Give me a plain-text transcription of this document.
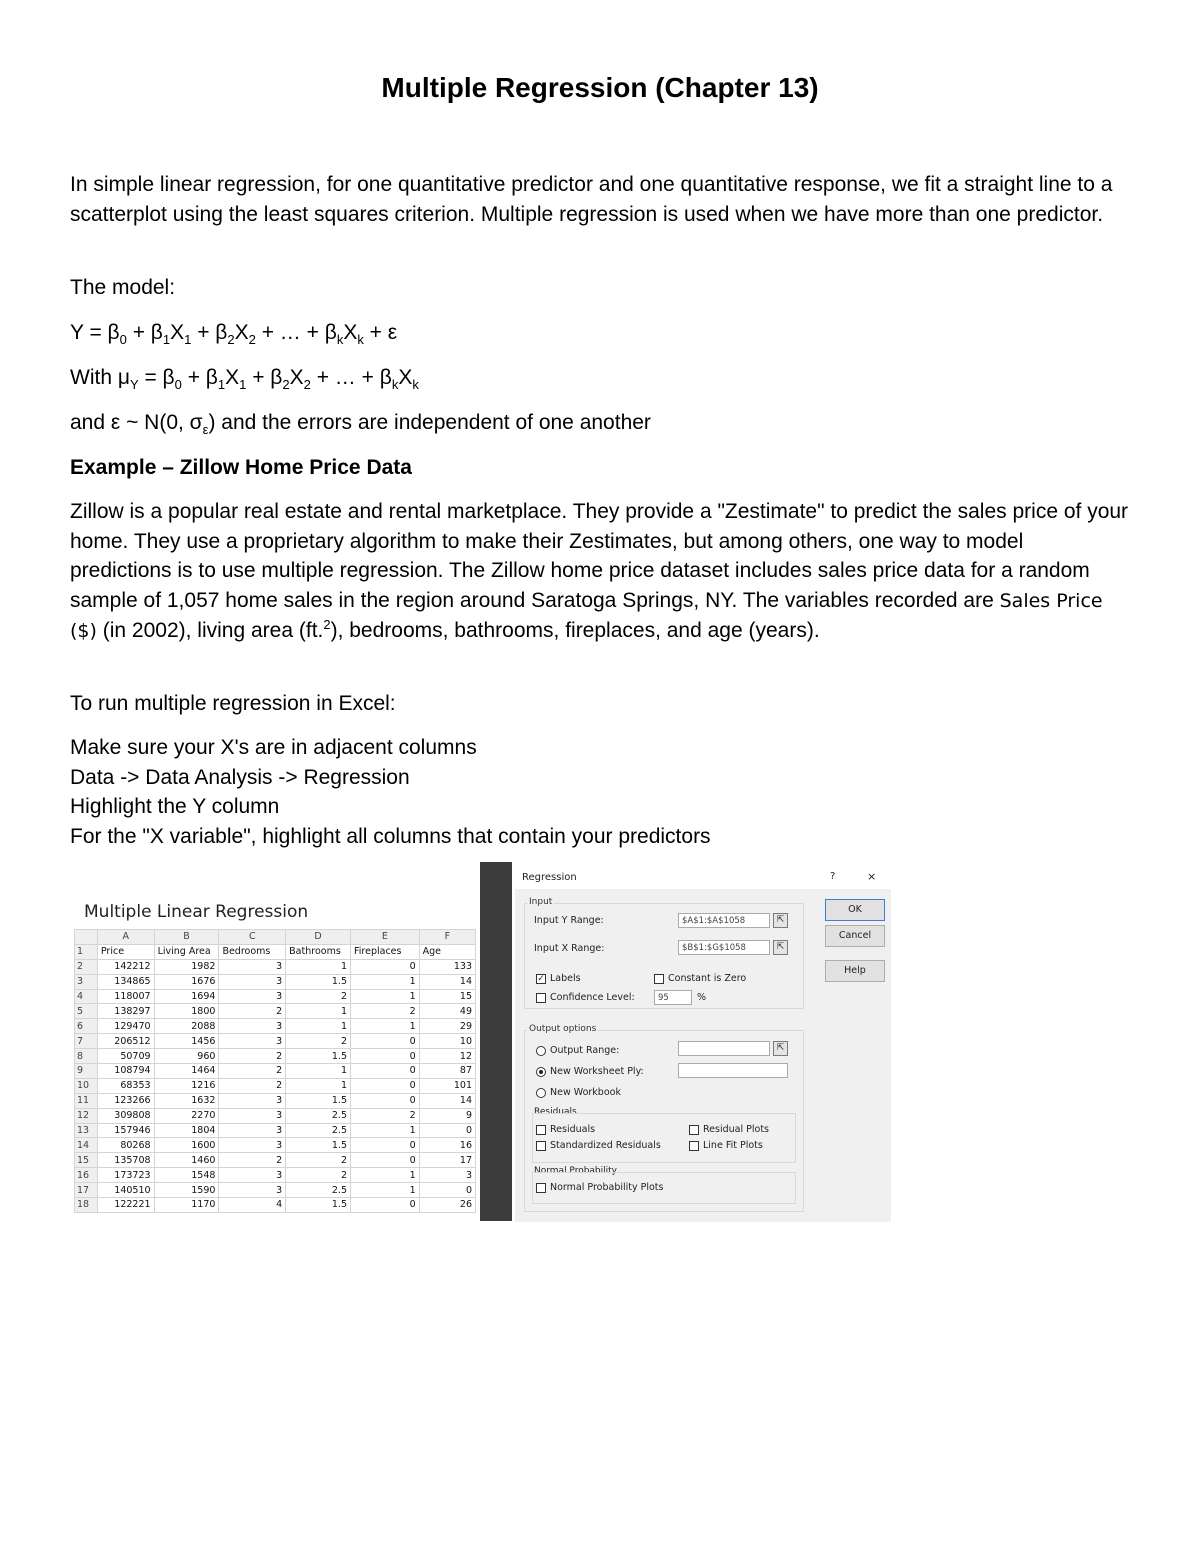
Multiple Regression (Chapter 13)

In simple linear regression, for one quantitative predictor and one quantitative response, we fit a straight line to a scatterplot using the least squares criterion. Multiple regression is used when we have more than one predictor.

The model:

$Y = \beta_0 + \beta_1X_1 + \beta_2X_2$ + … + $\beta_kX_k + \varepsilon$

With $\mu_Y = \beta_0 + \beta_1X_1 + \beta_2X_2$ + … + $\beta_kX_k$

and ε ~ N(0, $\sigma_\varepsilon$) and the errors are independent of one another

Example – Zillow Home Price Data

Zillow is a popular real estate and rental marketplace. They provide a "Zestimate" to predict the sales price of your home. They use a proprietary algorithm to make their Zestimates, but among others, one way to model predictions is to use multiple regression. The Zillow home price dataset includes sales price data for a random sample of 1,057 home sales in the region around Saratoga Springs, NY. The variables recorded are Sales Price ($) (in 2002), living area (ft.$^2$), bedrooms, bathrooms, fireplaces, and age (years).

To run multiple regression in Excel:

Make sure your X's are in adjacent columns

Data -> Data Analysis -> Regression

Highlight the Y column

For the "X variable", highlight all columns that contain your predictors

Multiple Linear Regression
	A	B	C	D	E	F
1	Price	Living Area	Bedrooms	Bathrooms	Fireplaces	Age
2	142212	1982	3	1	0	133
3	134865	1676	3	1.5	1	14
4	118007	1694	3	2	1	15
5	138297	1800	2	1	2	49
6	129470	2088	3	1	1	29
7	206512	1456	3	2	0	10
8	50709	960	2	1.5	0	12
9	108794	1464	2	1	0	87
10	68353	1216	2	1	0	101
11	123266	1632	3	1.5	0	14
12	309808	2270	3	2.5	2	9
13	157946	1804	3	2.5	1	0
14	80268	1600	3	1.5	0	16
15	135708	1460	2	2	0	17
16	173723	1548	3	2	1	3
17	140510	1590	3	2.5	1	0
18	122221	1170	4	1.5	0	26
Regression	?	×
Input
Input Y Range:	$A$1:$A$1058	⇱
Input X Range:	$B$1:$G$1058	⇱
✓ Labels	Constant is Zero
Confidence Level:	95	%
Output options
Output Range:	⇱
New Worksheet Ply:
New Workbook
Residuals
Residuals	Residual Plots
Standardized Residuals	Line Fit Plots
Normal Probability
Normal Probability Plots
OK
Cancel
Help
